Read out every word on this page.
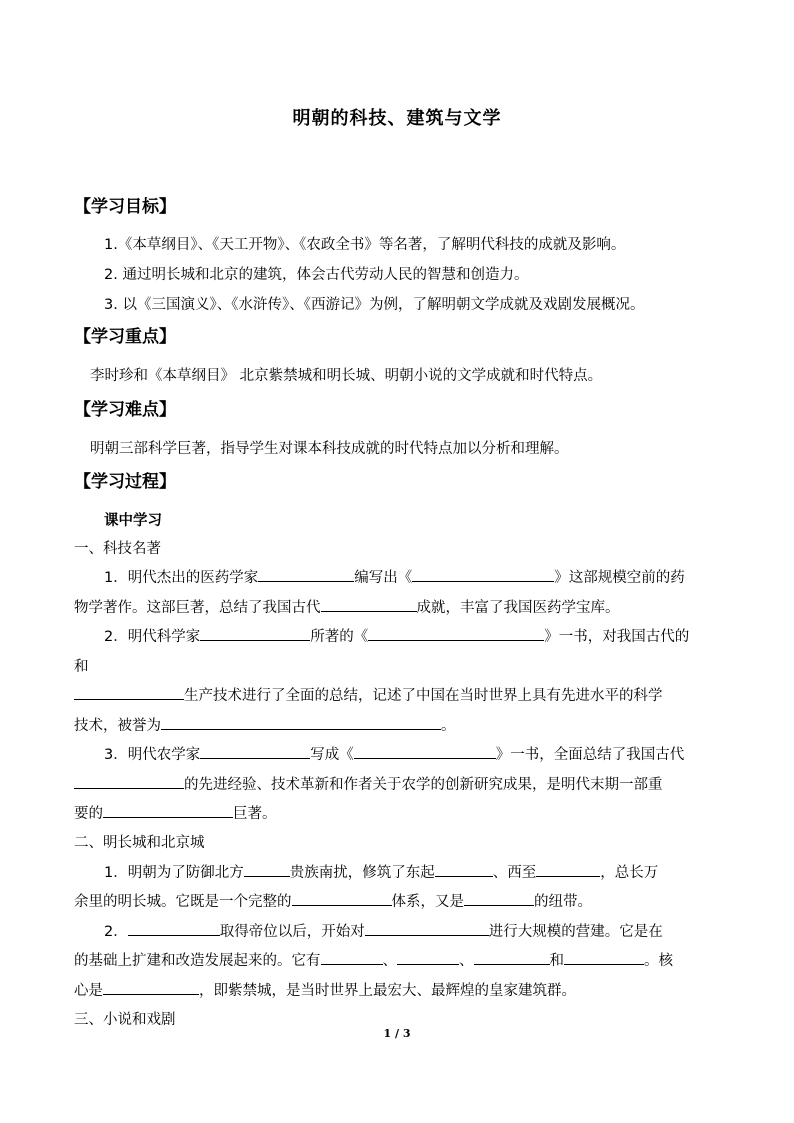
明朝的科技、建筑与文学
【学习目标】
1.《本草纲目》、《天工开物》、《农政全书》等名著，了解明代科技的成就及影响。
2. 通过明长城和北京的建筑，体会古代劳动人民的智慧和创造力。
3. 以《三国演义》、《水浒传》、《西游记》为例，了解明朝文学成就及戏剧发展概况。
【学习重点】
李时珍和《本草纲目》 北京紫禁城和明长城、明朝小说的文学成就和时代特点。
【学习难点】
明朝三部科学巨著，指导学生对课本科技成就的时代特点加以分析和理解。
【学习过程】
课中学习
一、科技名著
1．明代杰出的医药学家	编写出《	》这部规模空前的药
物学著作。这部巨著，总结了我国古代	成就，丰富了我国医药学宝库。
2．明代科学家	所著的《	》一书，对我国古代的
和
生产技术进行了全面的总结，记述了中国在当时世界上具有先进水平的科学
技术，被誉为	。
3．明代农学家	写成《	》一书，全面总结了我国古代
的先进经验、技术革新和作者关于农学的创新研究成果，是明代末期一部重
要的	巨著。
二、明长城和北京城
1．明朝为了防御北方	贵族南扰，修筑了东起	、西至	，总长万
余里的明长城。它既是一个完整的	体系，又是	的纽带。
2．	取得帝位以后，开始对	进行大规模的营建。它是在
的基础上扩建和改造发展起来的。它有	、	、	和	。核
心是	，即紫禁城，是当时世界上最宏大、最辉煌的皇家建筑群。
三、小说和戏剧
1 / 3
